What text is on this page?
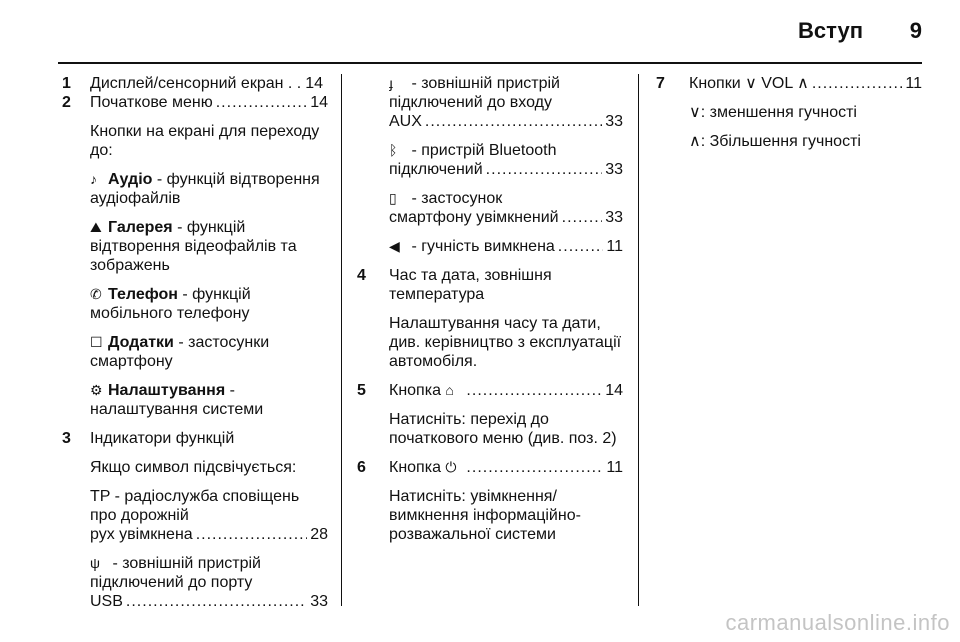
Вступ 9
1 Дисплей/сенсорний екран . . 14
2 Початкове меню .....	14
Кнопки на екрані для переходу до:
♪ Аудіо - функцій відтворення аудіофайлів
⛰ Галерея - функцій відтворення відеофайлів та зображень
✆ Телефон - функцій мобільного телефону
☐ Додатки - застосунки смартфону
⚙ Налаштування - налаштування системи
3 Індикатори функцій
Якщо символ підсвічується:
TP - радіослужба сповіщень про дорожній
рух увімкнена .....	28
ψ - зовнішній пристрій підключений до порту
USB .....	33
ɟ - зовнішній пристрій підключений до входу
AUX .....	33
ᛒ - пристрій Bluetooth
підключений .....	33
▯ - застосунок
смартфону увімкнений .....	33
◀ - гучність вимкнена .....	11
4 Час та дата, зовнішня температура
Налаштування часу та дати, див. керівництво з експлуатації автомобіля.
5 Кнопка ⌂ .....	14
Натисніть: перехід до початкового меню (див. поз. 2)
6 Кнопка ⏻ .....	11
Натисніть: увімкнення/ вимкнення інформаційно- розважальної системи
7 Кнопки ∨ VOL ∧ .....	11
∨: зменшення гучності
∧: Збільшення гучності
carmanualsonline.info
